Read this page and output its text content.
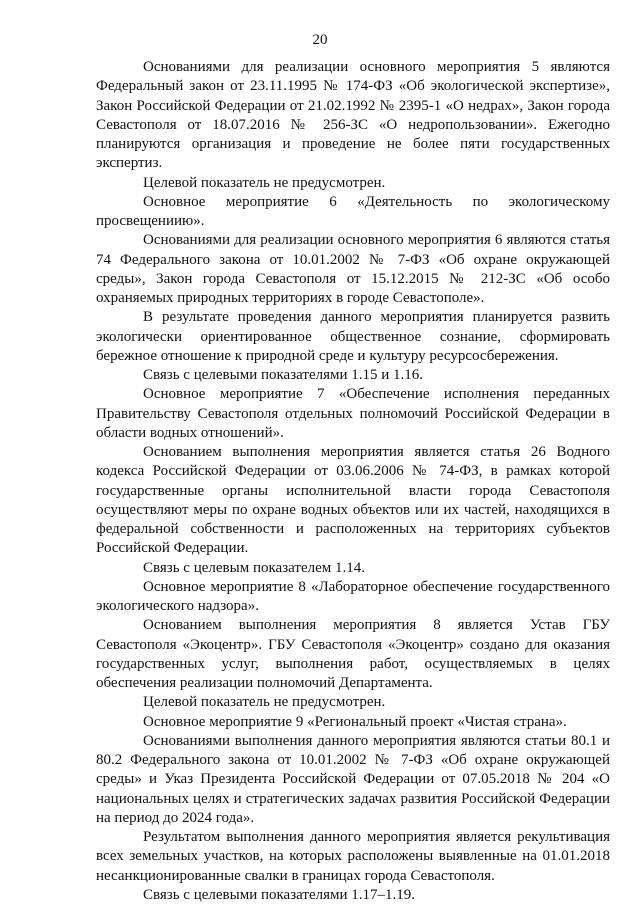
20

Основаниями для реализации основного мероприятия 5 являются Федеральный закон от 23.11.1995 № 174-ФЗ «Об экологической экспертизе», Закон Российской Федерации от 21.02.1992 № 2395-1 «О недрах», Закон города Севастополя от 18.07.2016 № 256-ЗС «О недропользовании». Ежегодно планируются организация и проведение не более пяти государственных экспертиз.

Целевой показатель не предусмотрен.

Основное мероприятие 6 «Деятельность по экологическому просвещениию».

Основаниями для реализации основного мероприятия 6 являются статья 74 Федерального закона от 10.01.2002 № 7-ФЗ «Об охране окружающей среды», Закон города Севастополя от 15.12.2015 № 212-ЗС «Об особо охраняемых природных территориях в городе Севастополе».

В результате проведения данного мероприятия планируется развить экологически ориентированное общественное сознание, сформировать бережное отношение к природной среде и культуру ресурсосбережения.

Связь с целевыми показателями 1.15 и 1.16.

Основное мероприятие 7 «Обеспечение исполнения переданных Правительству Севастополя отдельных полномочий Российской Федерации в области водных отношений».

Основанием выполнения мероприятия является статья 26 Водного кодекса Российской Федерации от 03.06.2006 № 74-ФЗ, в рамках которой государственные органы исполнительной власти города Севастополя осуществляют меры по охране водных объектов или их частей, находящихся в федеральной собственности и расположенных на территориях субъектов Российской Федерации.

Связь с целевым показателем 1.14.

Основное мероприятие 8 «Лабораторное обеспечение государственного экологического надзора».

Основанием выполнения мероприятия 8 является Устав ГБУ Севастополя «Экоцентр». ГБУ Севастополя «Экоцентр» создано для оказания государственных услуг, выполнения работ, осуществляемых в целях обеспечения реализации полномочий Департамента.

Целевой показатель не предусмотрен.

Основное мероприятие 9 «Региональный проект «Чистая страна».

Основаниями выполнения данного мероприятия являются статьи 80.1 и 80.2 Федерального закона от 10.01.2002 № 7-ФЗ «Об охране окружающей среды» и Указ Президента Российской Федерации от 07.05.2018 № 204 «О национальных целях и стратегических задачах развития Российской Федерации на период до 2024 года».

Результатом выполнения данного мероприятия является рекультивация всех земельных участков, на которых расположены выявленные на 01.01.2018 несанкционированные свалки в границах города Севастополя.

Связь с целевыми показателями 1.17–1.19.
